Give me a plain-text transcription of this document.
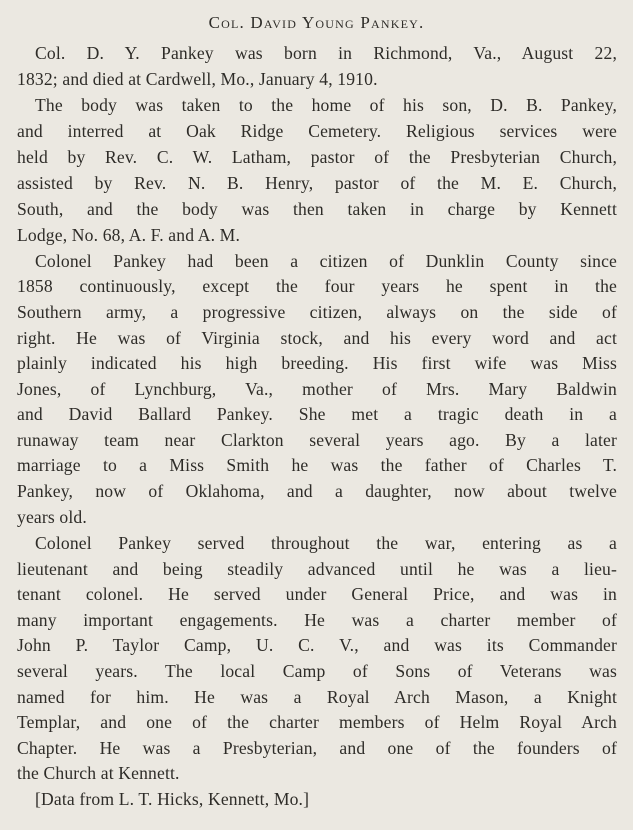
Col. David Young Pankey.
Col. D. Y. Pankey was born in Richmond, Va., August 22,
1832; and died at Cardwell, Mo., January 4, 1910.
The body was taken to the home of his son, D. B. Pankey,
and interred at Oak Ridge Cemetery. Religious services were
held by Rev. C. W. Latham, pastor of the Presbyterian Church,
assisted by Rev. N. B. Henry, pastor of the M. E. Church,
South, and the body was then taken in charge by Kennett
Lodge, No. 68, A. F. and A. M.
Colonel Pankey had been a citizen of Dunklin County since
1858 continuously, except the four years he spent in the
Southern army, a progressive citizen, always on the side of
right. He was of Virginia stock, and his every word and act
plainly indicated his high breeding. His first wife was Miss
Jones, of Lynchburg, Va., mother of Mrs. Mary Baldwin
and David Ballard Pankey. She met a tragic death in a
runaway team near Clarkton several years ago. By a later
marriage to a Miss Smith he was the father of Charles T.
Pankey, now of Oklahoma, and a daughter, now about twelve
years old.
Colonel Pankey served throughout the war, entering as a
lieutenant and being steadily advanced until he was a lieu-
tenant colonel. He served under General Price, and was in
many important engagements. He was a charter member of
John P. Taylor Camp, U. C. V., and was its Commander
several years. The local Camp of Sons of Veterans was
named for him. He was a Royal Arch Mason, a Knight
Templar, and one of the charter members of Helm Royal Arch
Chapter. He was a Presbyterian, and one of the founders of
the Church at Kennett.
[Data from L. T. Hicks, Kennett, Mo.]
